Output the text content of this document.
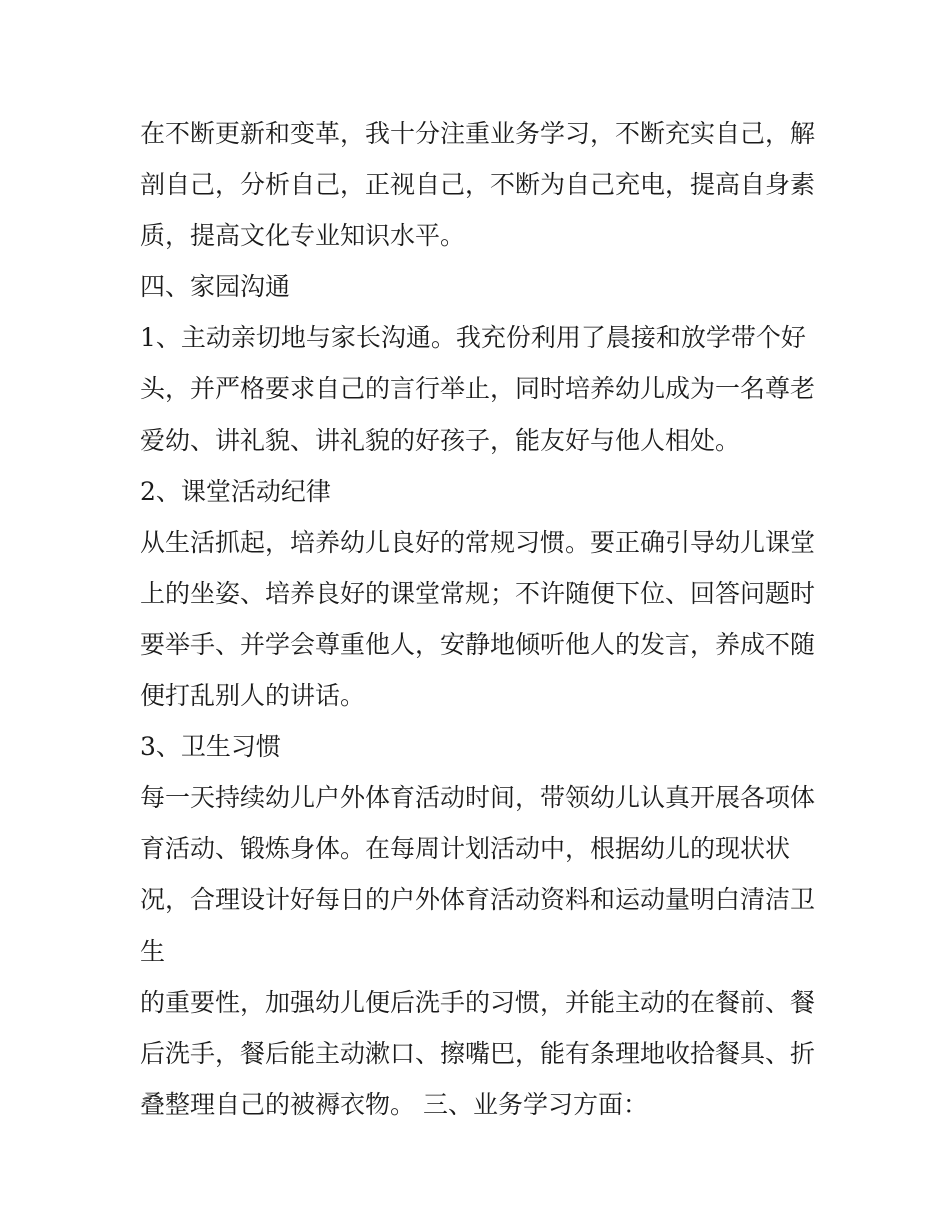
在不断更新和变革，我十分注重业务学习，不断充实自己，解
剖自己，分析自己，正视自己，不断为自己充电，提高自身素
质，提高文化专业知识水平。
四、家园沟通
1、主动亲切地与家长沟通。我充份利用了晨接和放学带个好
头，并严格要求自己的言行举止，同时培养幼儿成为一名尊老
爱幼、讲礼貌、讲礼貌的好孩子，能友好与他人相处。
2、课堂活动纪律
从生活抓起，培养幼儿良好的常规习惯。要正确引导幼儿课堂
上的坐姿、培养良好的课堂常规；不许随便下位、回答问题时
要举手、并学会尊重他人，安静地倾听他人的发言，养成不随
便打乱别人的讲话。
3、卫生习惯
每一天持续幼儿户外体育活动时间，带领幼儿认真开展各项体
育活动、锻炼身体。在每周计划活动中，根据幼儿的现状状
况，合理设计好每日的户外体育活动资料和运动量明白清洁卫
生
的重要性，加强幼儿便后洗手的习惯，并能主动的在餐前、餐
后洗手，餐后能主动漱口、擦嘴巴，能有条理地收拾餐具、折
叠整理自己的被褥衣物。 三、业务学习方面：
